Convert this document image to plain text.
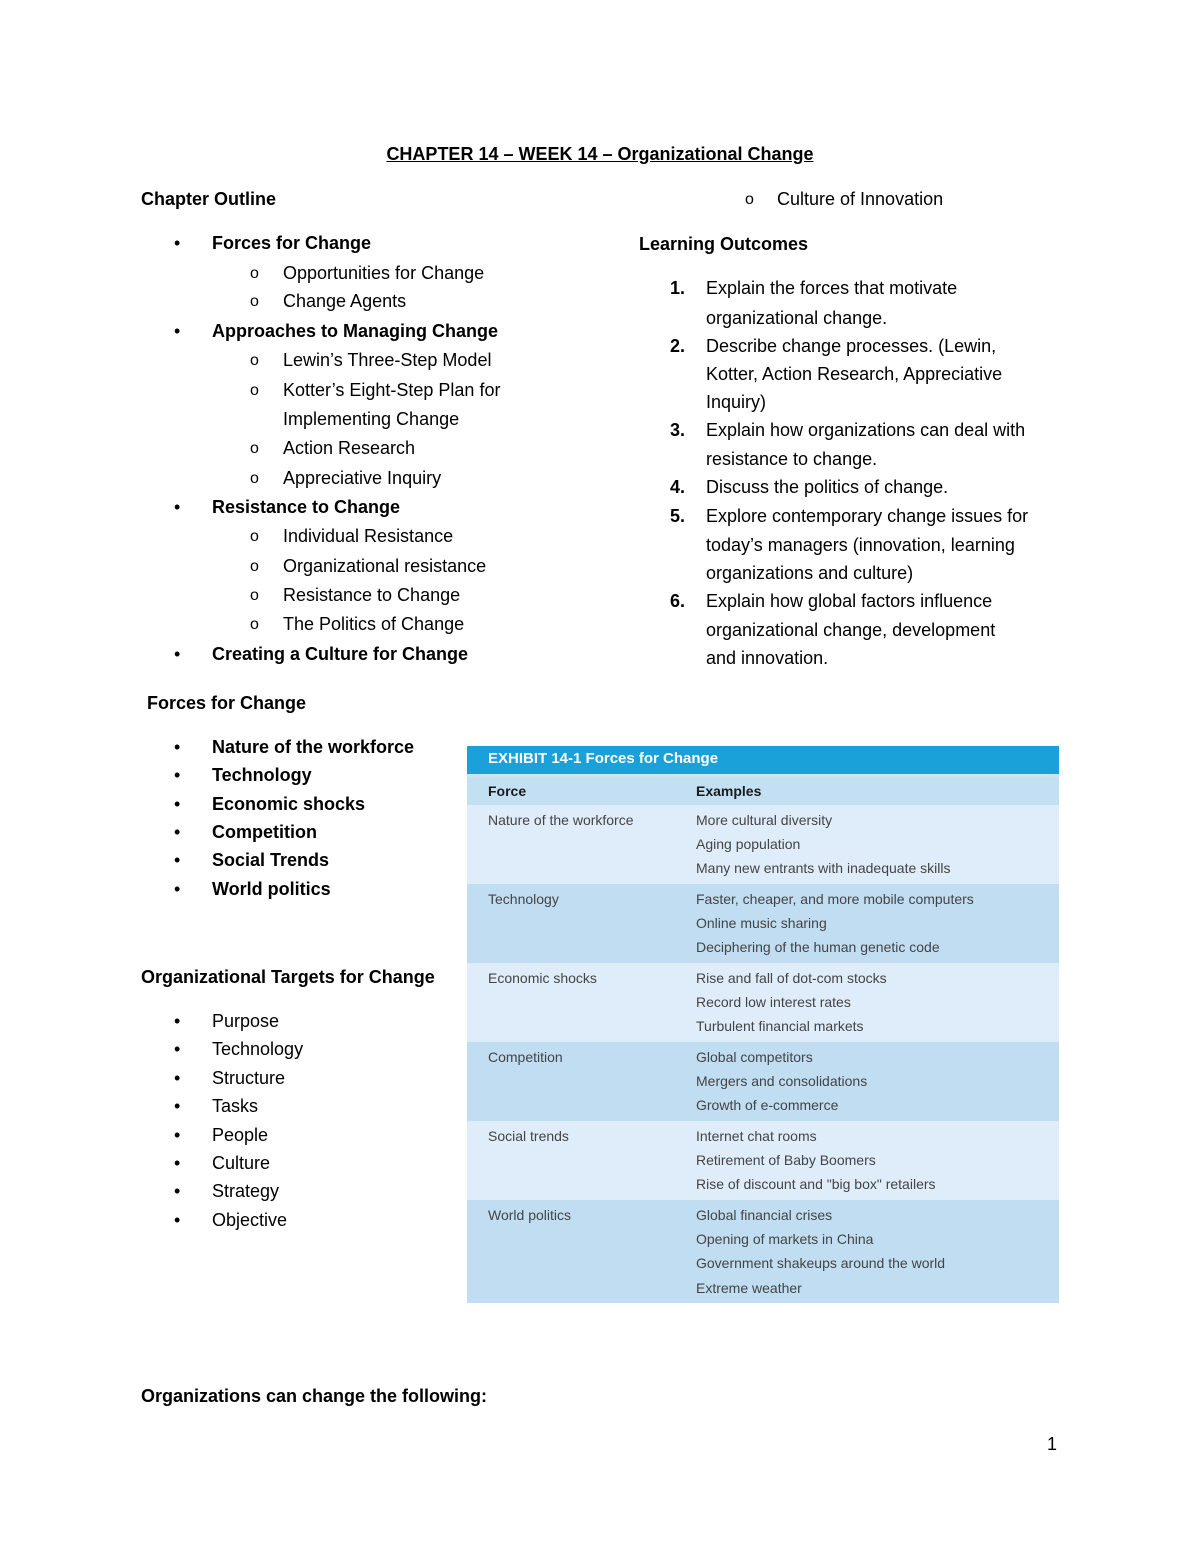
CHAPTER 14 – WEEK 14 – Organizational Change
Chapter Outline
• Forces for Change
o Opportunities for Change
o Change Agents
• Approaches to Managing Change
o Lewin’s Three-Step Model
o Kotter’s Eight-Step Plan for
Implementing Change
o Action Research
o Appreciative Inquiry
• Resistance to Change
o Individual Resistance
o Organizational resistance
o Resistance to Change
o The Politics of Change
• Creating a Culture for Change
o Culture of Innovation
Learning Outcomes
1. Explain the forces that motivate
organizational change.
2. Describe change processes. (Lewin,
Kotter, Action Research, Appreciative
Inquiry)
3. Explain how organizations can deal with
resistance to change.
4. Discuss the politics of change.
5. Explore contemporary change issues for
today’s managers (innovation, learning
organizations and culture)
6. Explain how global factors influence
organizational change, development
and innovation.
Forces for Change
• Nature of the workforce
• Technology
• Economic shocks
• Competition
• Social Trends
• World politics
Organizational Targets for Change
• Purpose
• Technology
• Structure
• Tasks
• People
• Culture
• Strategy
• Objective
EXHIBIT 14-1 Forces for Change
Force	Examples
Nature of the workforce	More cultural diversity
Aging population
Many new entrants with inadequate skills
Technology	Faster, cheaper, and more mobile computers
Online music sharing
Deciphering of the human genetic code
Economic shocks	Rise and fall of dot-com stocks
Record low interest rates
Turbulent financial markets
Competition	Global competitors
Mergers and consolidations
Growth of e-commerce
Social trends	Internet chat rooms
Retirement of Baby Boomers
Rise of discount and "big box" retailers
World politics	Global financial crises
Opening of markets in China
Government shakeups around the world
Extreme weather
Organizations can change the following:
1
